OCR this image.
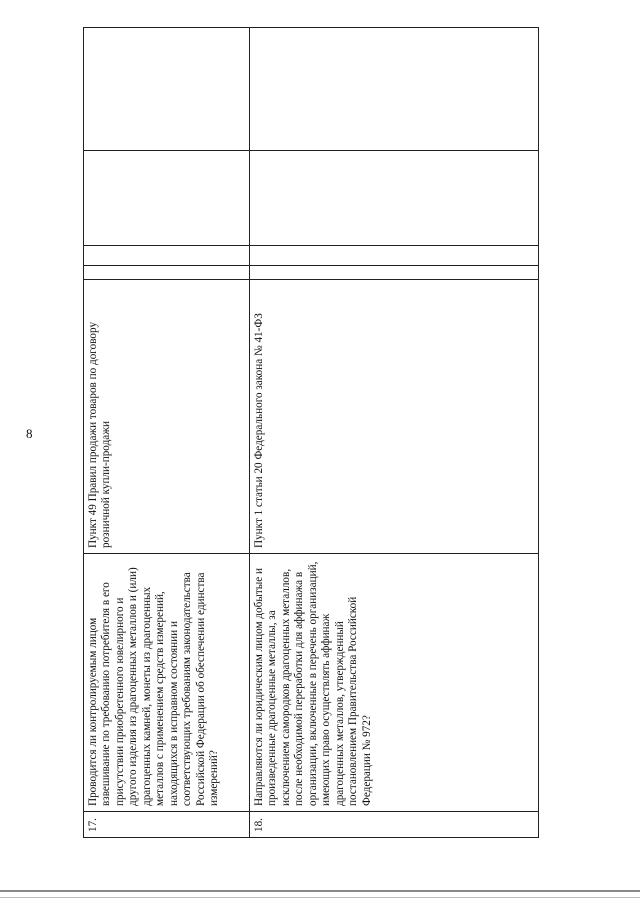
8
17.	Проводится ли контролируемым лицом взвешивание по требованию потребителя в его присутствии приобретенного ювелирного и другого изделия из драгоценных металлов и (или) драгоценных камней, монеты из драгоценных металлов с применением средств измерений, находящихся в исправном состоянии и соответствующих требованиям законодательства Российской Федерации об обеспечении единства измерений?	Пункт 49 Правил продажи товаров по договору розничной купли-продажи				
18.	Направляются ли юридическим лицом добытые и произведенные драгоценные металлы, за исключением самородков драгоценных металлов, после необходимой переработки для аффинажа в организации, включенные в перечень организаций, имеющих право осуществлять аффинаж драгоценных металлов, утвержденный постановлением Правительства Российской Федерации № 972?	Пункт 1 статьи 20 Федерального закона № 41-ФЗ				
